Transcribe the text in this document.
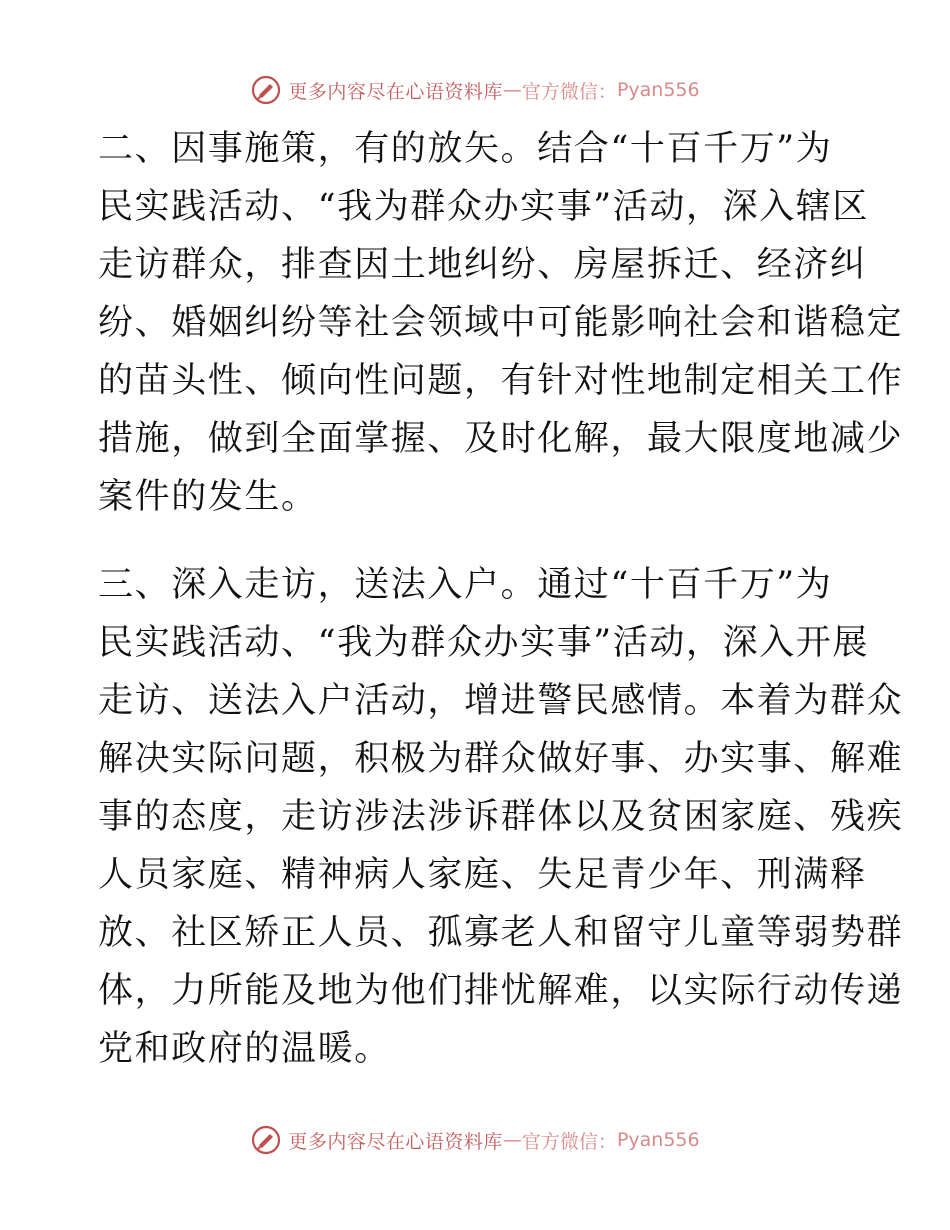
更多内容尽在心语资料库 — 官方微信： Pyan556
二、因事施策，有的放矢。结合“十百千万”为
民实践活动、“我为群众办实事”活动，深入辖区
走访群众，排查因土地纠纷、房屋拆迁、经济纠
纷、婚姻纠纷等社会领域中可能影响社会和谐稳定
的苗头性、倾向性问题，有针对性地制定相关工作
措施，做到全面掌握、及时化解，最大限度地减少
案件的发生。
三、深入走访，送法入户。通过“十百千万”为
民实践活动、“我为群众办实事”活动，深入开展
走访、送法入户活动，增进警民感情。本着为群众
解决实际问题，积极为群众做好事、办实事、解难
事的态度，走访涉法涉诉群体以及贫困家庭、残疾
人员家庭、精神病人家庭、失足青少年、刑满释
放、社区矫正人员、孤寡老人和留守儿童等弱势群
体，力所能及地为他们排忧解难，以实际行动传递
党和政府的温暖。
更多内容尽在心语资料库 — 官方微信： Pyan556
